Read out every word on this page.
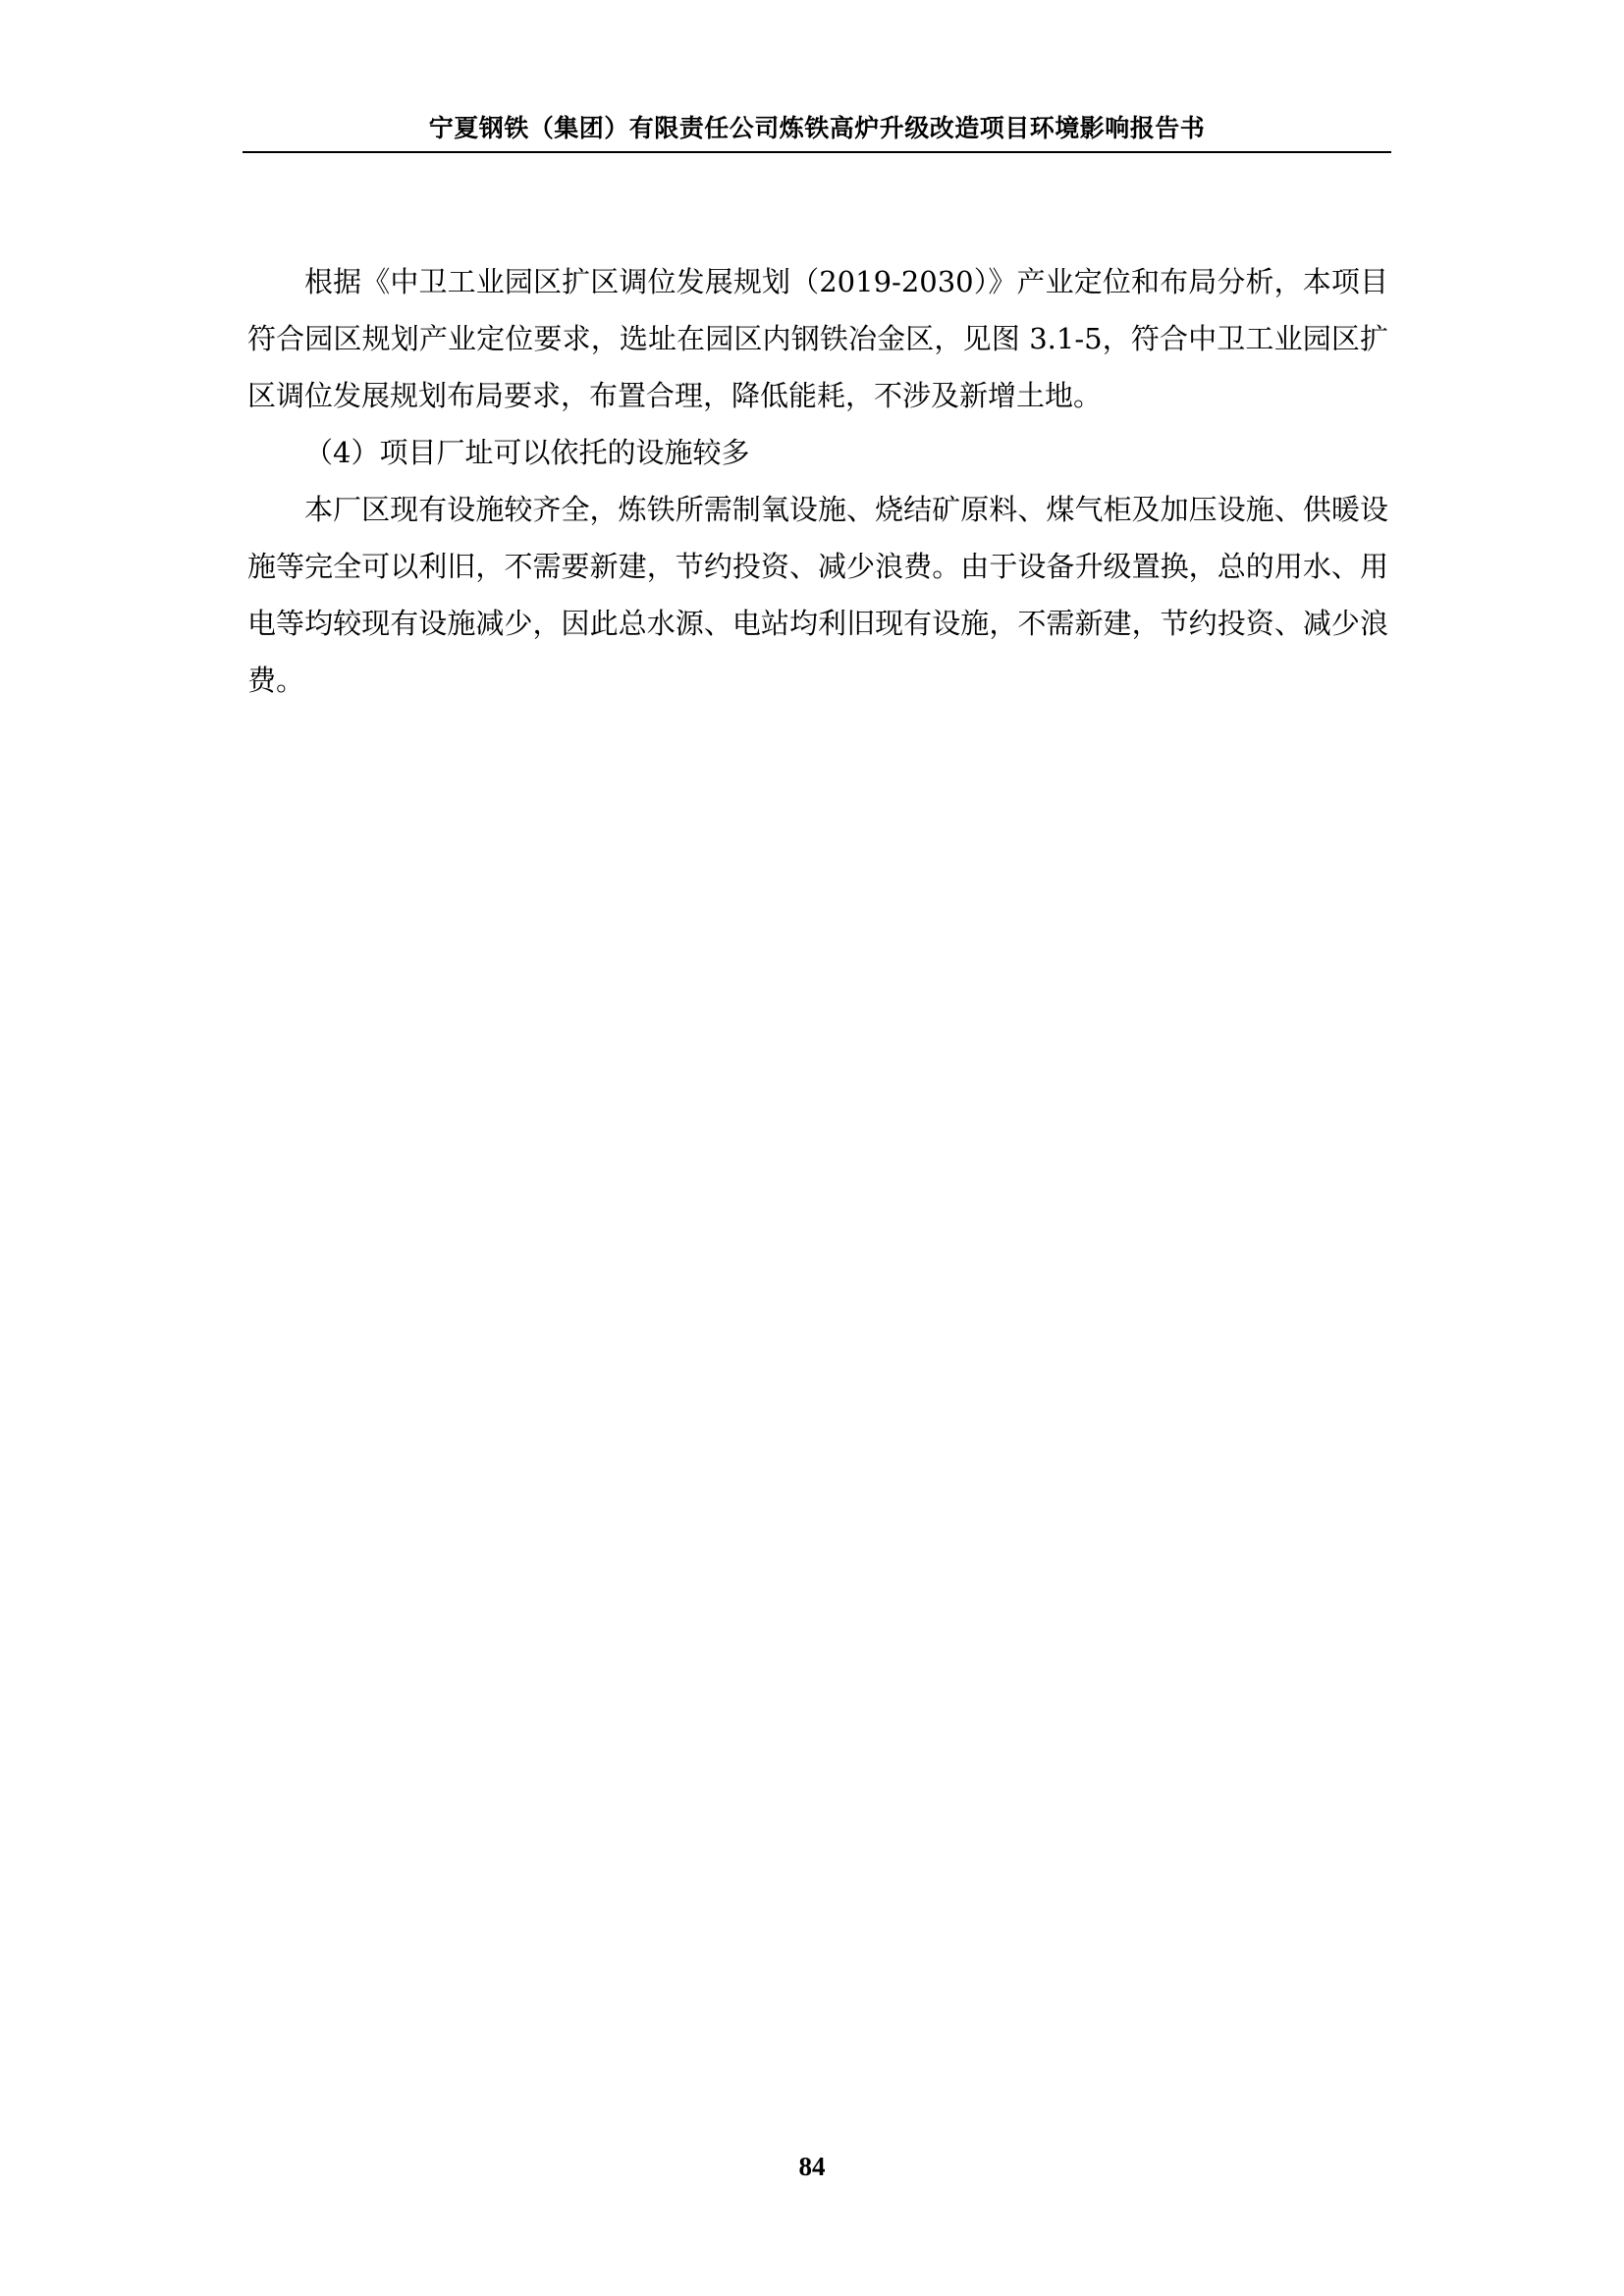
宁夏钢铁（集团）有限责任公司炼铁高炉升级改造项目环境影响报告书

根据《中卫工业园区扩区调位发展规划（2019-2030）》产业定位和布局分析，本项目符合园区规划产业定位要求，选址在园区内钢铁冶金区，见图 3.1-5，符合中卫工业园区扩区调位发展规划布局要求，布置合理，降低能耗，不涉及新增土地。

（4）项目厂址可以依托的设施较多

本厂区现有设施较齐全，炼铁所需制氧设施、烧结矿原料、煤气柜及加压设施、供暖设施等完全可以利旧，不需要新建，节约投资、减少浪费。由于设备升级置换，总的用水、用电等均较现有设施减少，因此总水源、电站均利旧现有设施，不需新建，节约投资、减少浪费。

84
